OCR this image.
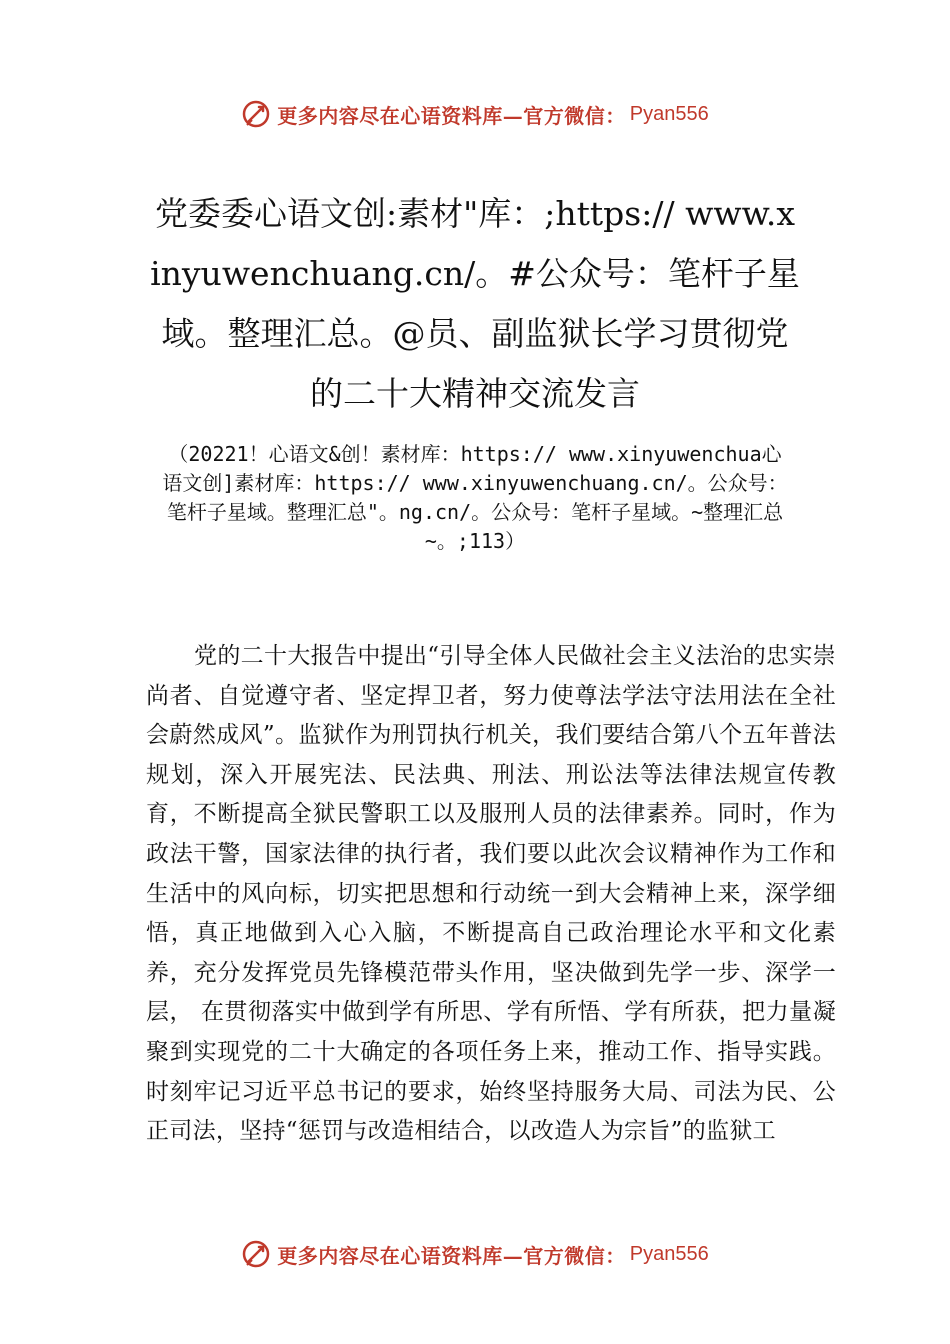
更多内容尽在心语资料库—官方微信： Pyan556
党委委心语文创:素材"库：;https:// www.xinyuwenchuang.cn/。#公众号：笔杆子星域。整理汇总。@员、副监狱长学习贯彻党的二十大精神交流发言
（20221！心语文&创！素材库：https:// www.xinyuwenchua心语文创]素材库：https:// www.xinyuwenchuang.cn/。公众号：笔杆子星域。整理汇总"。ng.cn/。公众号：笔杆子星域。~整理汇总~。;113）
党的二十大报告中提出“引导全体人民做社会主义法治的忠实崇尚者、自觉遵守者、坚定捍卫者，努力使尊法学法守法用法在全社会蔚然成风”。监狱作为刑罚执行机关，我们要结合第八个五年普法规划，深入开展宪法、民法典、刑法、刑讼法等法律法规宣传教育，不断提高全狱民警职工以及服刑人员的法律素养。同时，作为政法干警，国家法律的执行者，我们要以此次会议精神作为工作和生活中的风向标，切实把思想和行动统一到大会精神上来，深学细悟，真正地做到入心入脑，不断提高自己政治理论水平和文化素养，充分发挥党员先锋模范带头作用，坚决做到先学一步、深学一层， 在贯彻落实中做到学有所思、学有所悟、学有所获，把力量凝聚到实现党的二十大确定的各项任务上来，推动工作、指导实践。时刻牢记习近平总书记的要求，始终坚持服务大局、司法为民、公正司法，坚持“惩罚与改造相结合，以改造人为宗旨”的监狱工
更多内容尽在心语资料库—官方微信： Pyan556
